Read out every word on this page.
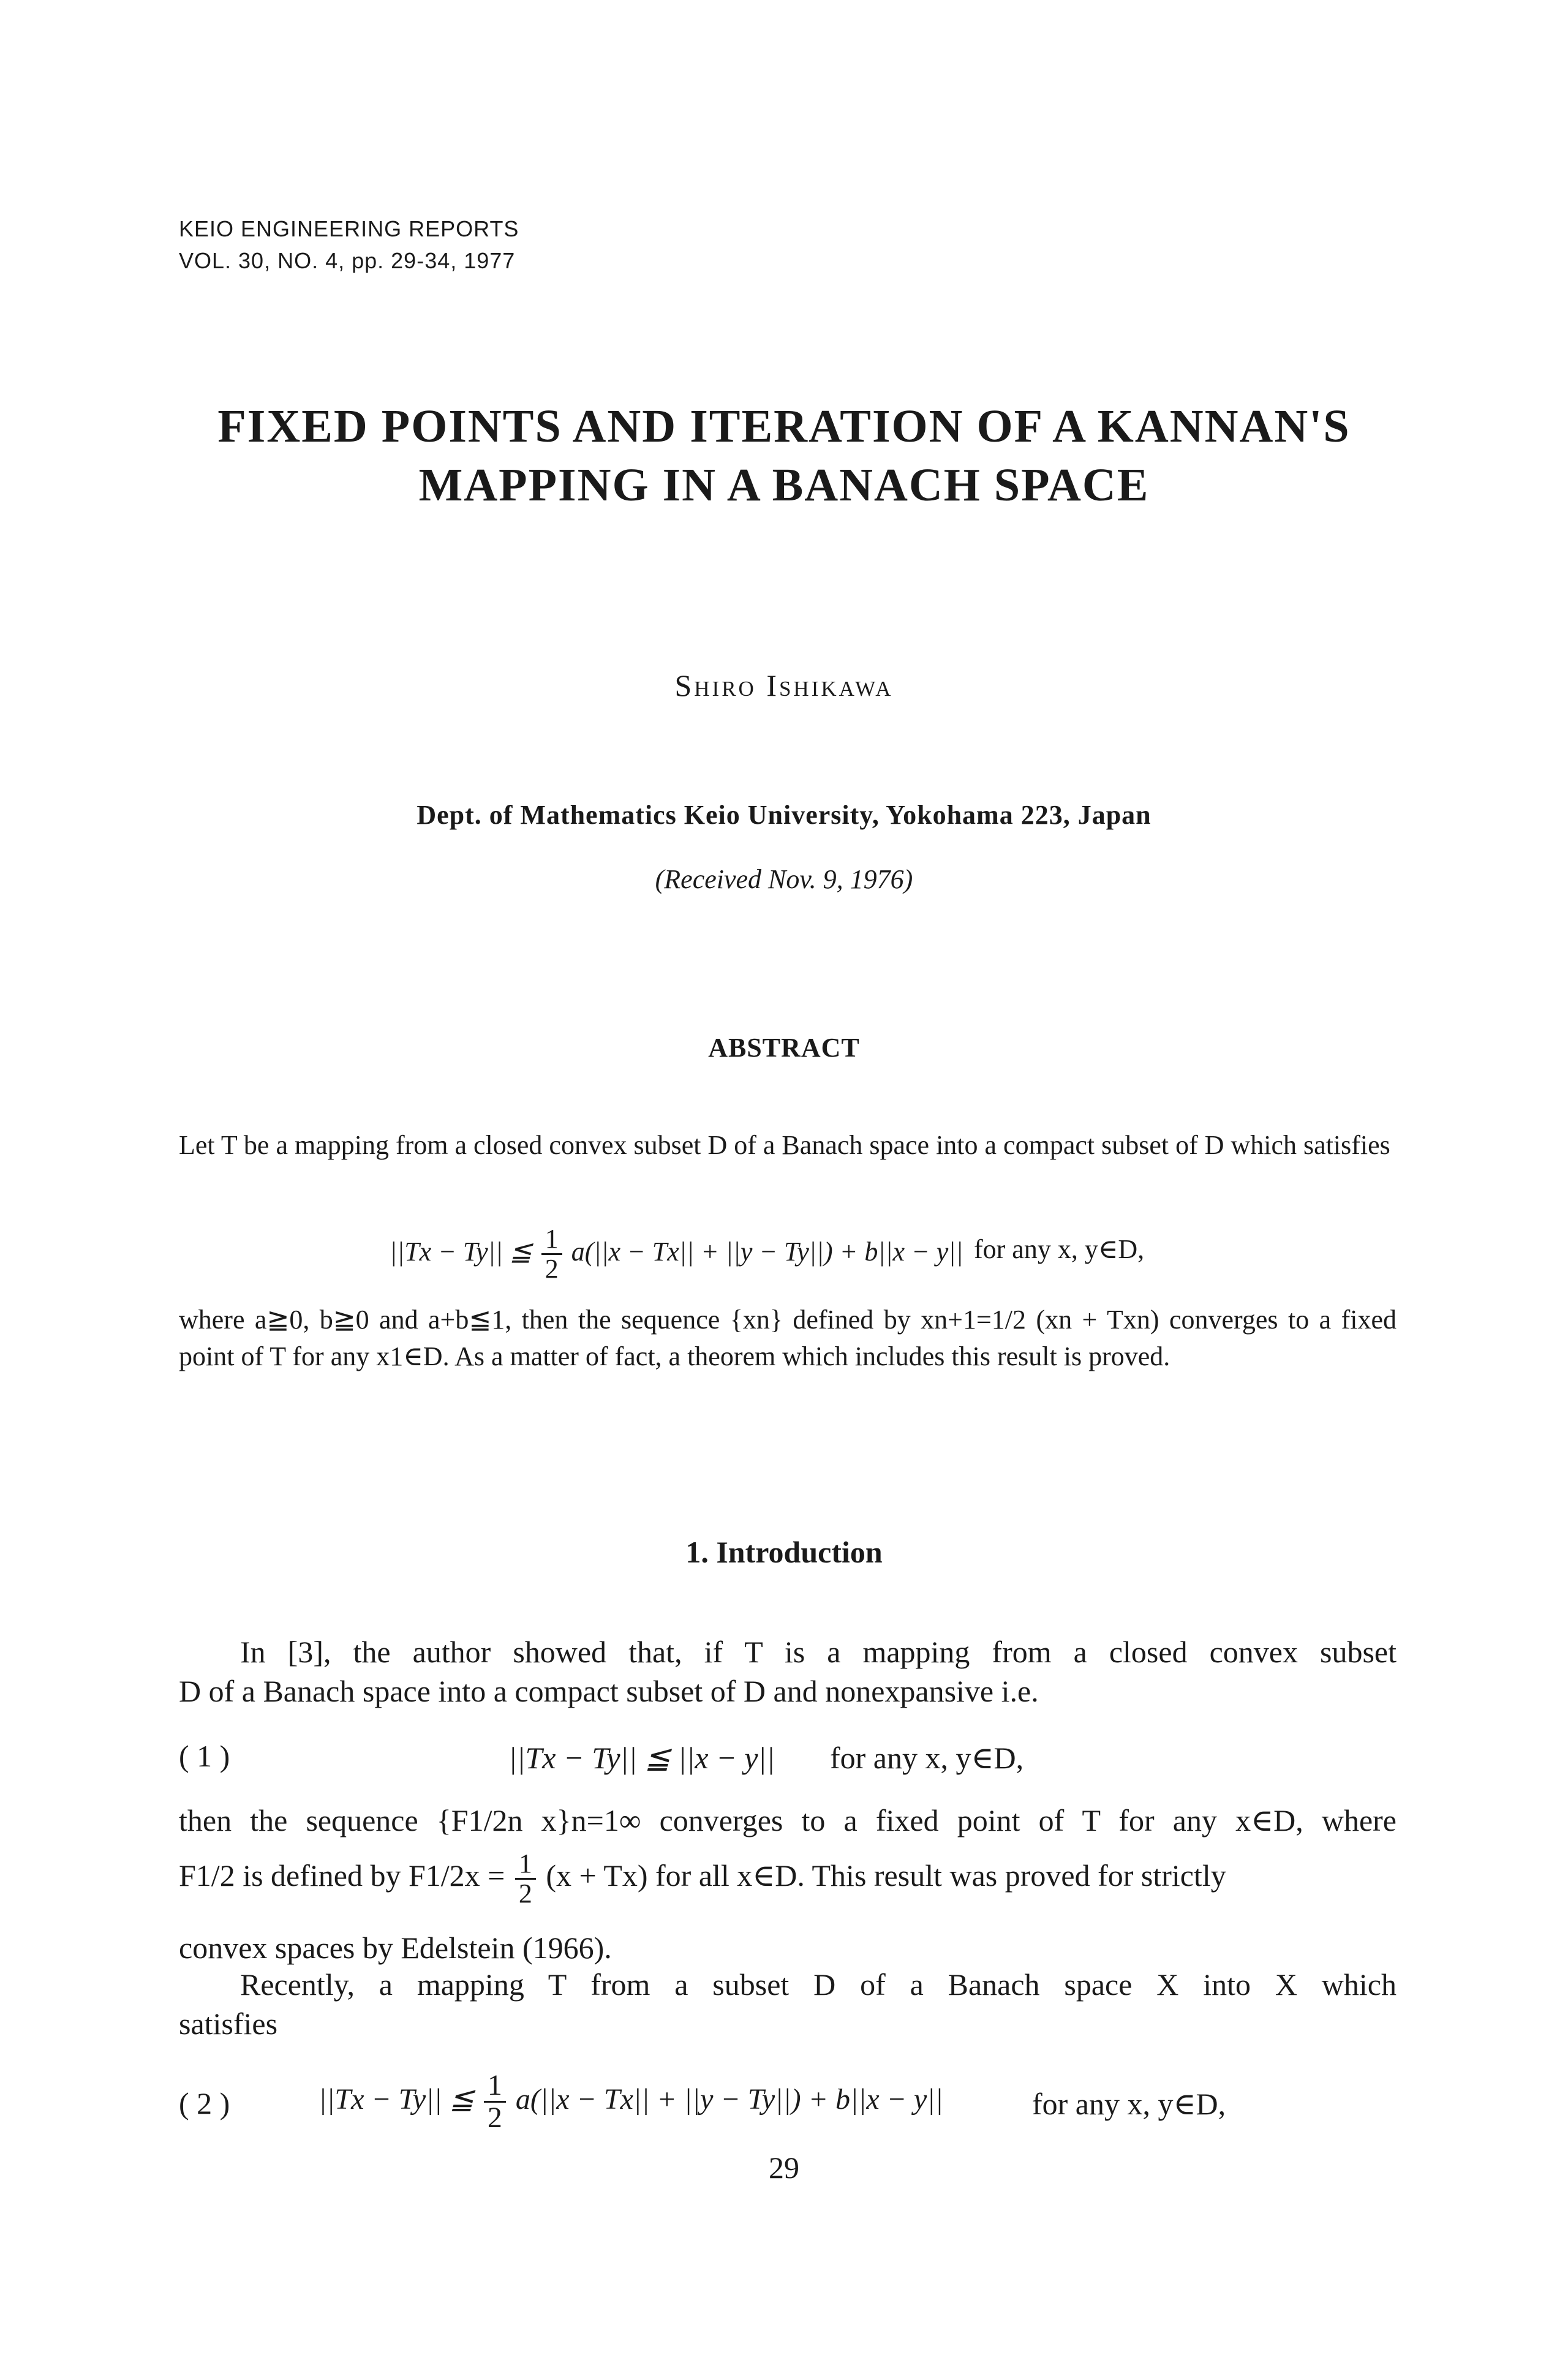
KEIO ENGINEERING REPORTS
VOL. 30, NO. 4, pp. 29-34, 1977
FIXED POINTS AND ITERATION OF A KANNAN'S
MAPPING IN A BANACH SPACE
Shiro Ishikawa
Dept. of Mathematics Keio University, Yokohama 223, Japan
(Received Nov. 9, 1976)
ABSTRACT
Let T be a mapping from a closed convex subset D of a Banach space into a compact subset of D which satisfies
||Tx − Ty|| ≦ $\frac{1}{2} a(||x - Tx|| + ||y - Ty||) + b||x - y||$ for any x, y∈D,
where a≧0, b≧0 and a+b≦1, then the sequence {xn} defined by xn+1=1/2 (xn + Txn) converges to a fixed point of T for any x1∈D. As a matter of fact, a theorem which includes this result is proved.
1. Introduction
In [3], the author showed that, if T is a mapping from a closed convex subset
D of a Banach space into a compact subset of D and nonexpansive i.e.
( 1 )	||Tx − Ty|| ≦ ||x − y|| for any x, y∈D,
then the sequence {F1/2n x}n=1∞ converges to a fixed point of T for any x∈D, where
F1/2 is defined by $F1/2x = \frac{1}{2} (x + Tx)$ for all x∈D. This result was proved for strictly
convex spaces by Edelstein (1966).
Recently, a mapping T from a subset D of a Banach space X into X which
satisfies
( 2 )	||Tx − Ty|| ≦ $\frac{1}{2} a(||x - Tx|| + ||y - Ty||) + b||x - y||$	for any x, y∈D,
29
